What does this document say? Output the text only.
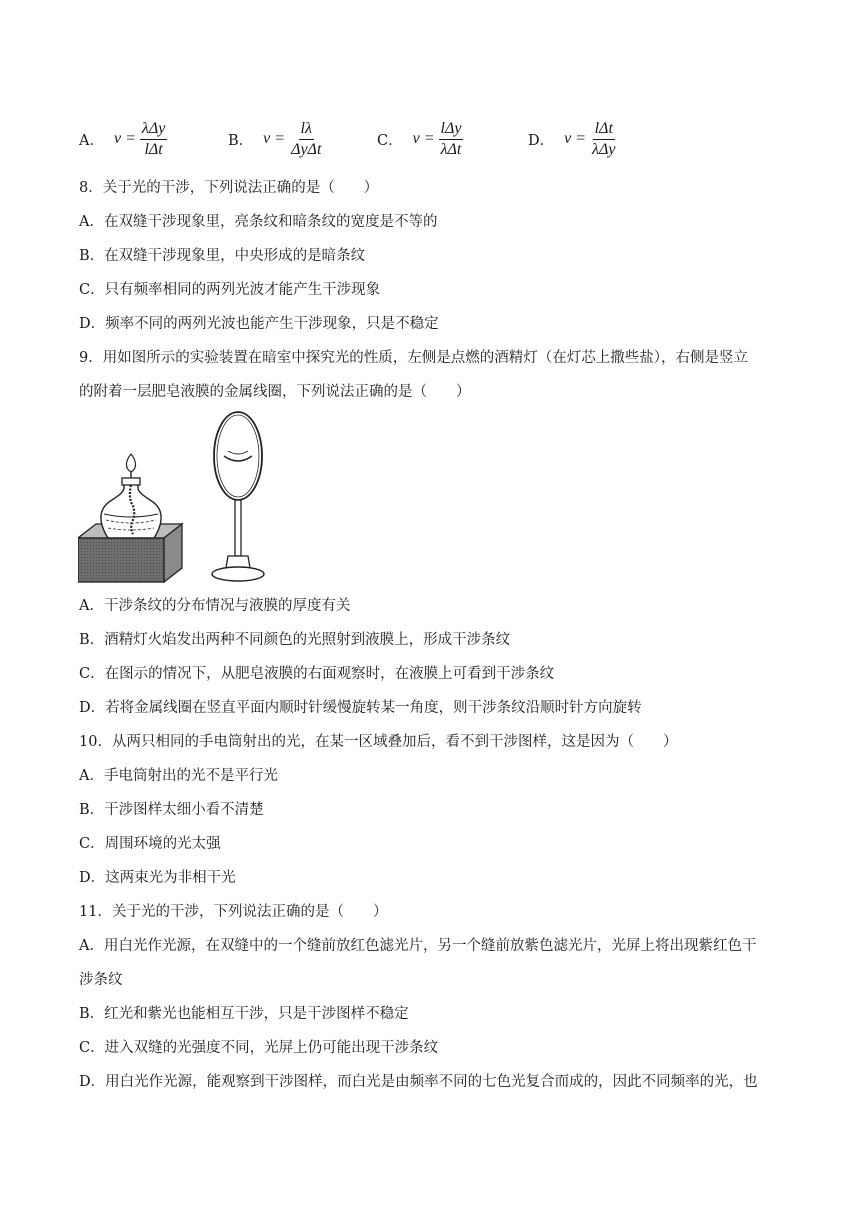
A． $v = \frac{\text{λΔy}}{\text{lΔt}}$	B． $v = \frac{l\lambda}{\text{ΔyΔt}}$	C． $v = \frac{\text{lΔy}}{\text{λΔt}}$	D． $v = \frac{\text{lΔt}}{\text{λΔy}}$
8．关于光的干涉，下列说法正确的是（　　）
A．在双缝干涉现象里，亮条纹和暗条纹的宽度是不等的
B．在双缝干涉现象里，中央形成的是暗条纹
C．只有频率相同的两列光波才能产生干涉现象
D．频率不同的两列光波也能产生干涉现象，只是不稳定
9．用如图所示的实验装置在暗室中探究光的性质，左侧是点燃的酒精灯（在灯芯上撒些盐），右侧是竖立
的附着一层肥皂液膜的金属线圈，下列说法正确的是（　　）
A．干涉条纹的分布情况与液膜的厚度有关
B．酒精灯火焰发出两种不同颜色的光照射到液膜上，形成干涉条纹
C．在图示的情况下，从肥皂液膜的右面观察时，在液膜上可看到干涉条纹
D．若将金属线圈在竖直平面内顺时针缓慢旋转某一角度，则干涉条纹沿顺时针方向旋转
10．从两只相同的手电筒射出的光，在某一区域叠加后，看不到干涉图样，这是因为（　　）
A．手电筒射出的光不是平行光
B．干涉图样太细小看不清楚
C．周围环境的光太强
D．这两束光为非相干光
11．关于光的干涉，下列说法正确的是（　　）
A．用白光作光源，在双缝中的一个缝前放红色滤光片，另一个缝前放紫色滤光片，光屏上将出现紫红色干
涉条纹
B．红光和紫光也能相互干涉，只是干涉图样不稳定
C．进入双缝的光强度不同，光屏上仍可能出现干涉条纹
D．用白光作光源，能观察到干涉图样，而白光是由频率不同的七色光复合而成的，因此不同频率的光，也
